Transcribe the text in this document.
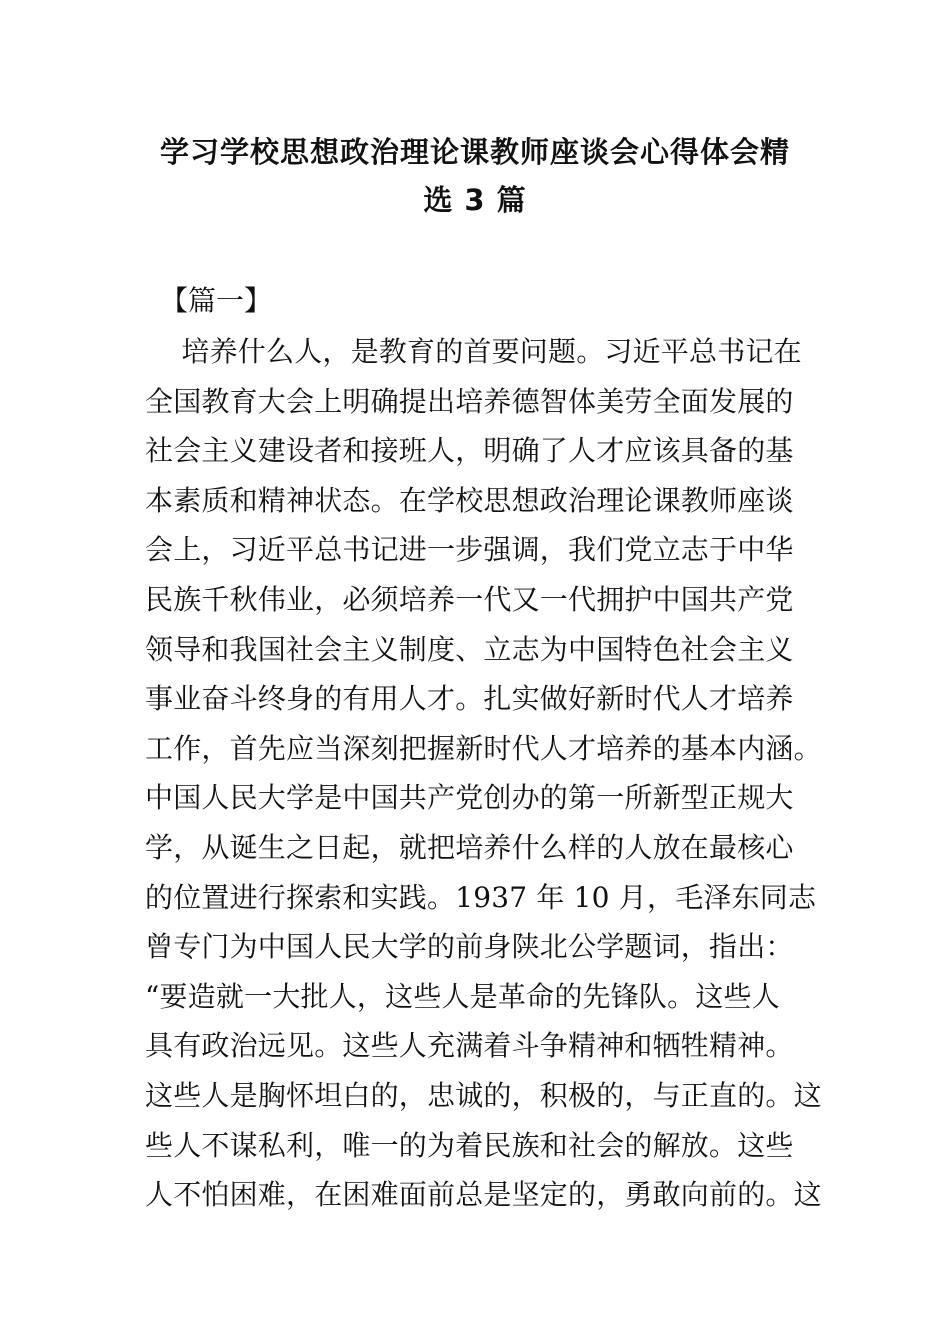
学习学校思想政治理论课教师座谈会心得体会精
选 3 篇

【篇一】

培养什么人，是教育的首要问题。习近平总书记在
全国教育大会上明确提出培养德智体美劳全面发展的
社会主义建设者和接班人，明确了人才应该具备的基
本素质和精神状态。在学校思想政治理论课教师座谈
会上，习近平总书记进一步强调，我们党立志于中华
民族千秋伟业，必须培养一代又一代拥护中国共产党
领导和我国社会主义制度、立志为中国特色社会主义
事业奋斗终身的有用人才。扎实做好新时代人才培养
工作，首先应当深刻把握新时代人才培养的基本内涵。
中国人民大学是中国共产党创办的第一所新型正规大
学，从诞生之日起，就把培养什么样的人放在最核心
的位置进行探索和实践。1937 年 10 月，毛泽东同志
曾专门为中国人民大学的前身陕北公学题词，指出：
“要造就一大批人，这些人是革命的先锋队。这些人
具有政治远见。这些人充满着斗争精神和牺牲精神。
这些人是胸怀坦白的，忠诚的，积极的，与正直的。这
些人不谋私利，唯一的为着民族和社会的解放。这些
人不怕困难，在困难面前总是坚定的，勇敢向前的。这
